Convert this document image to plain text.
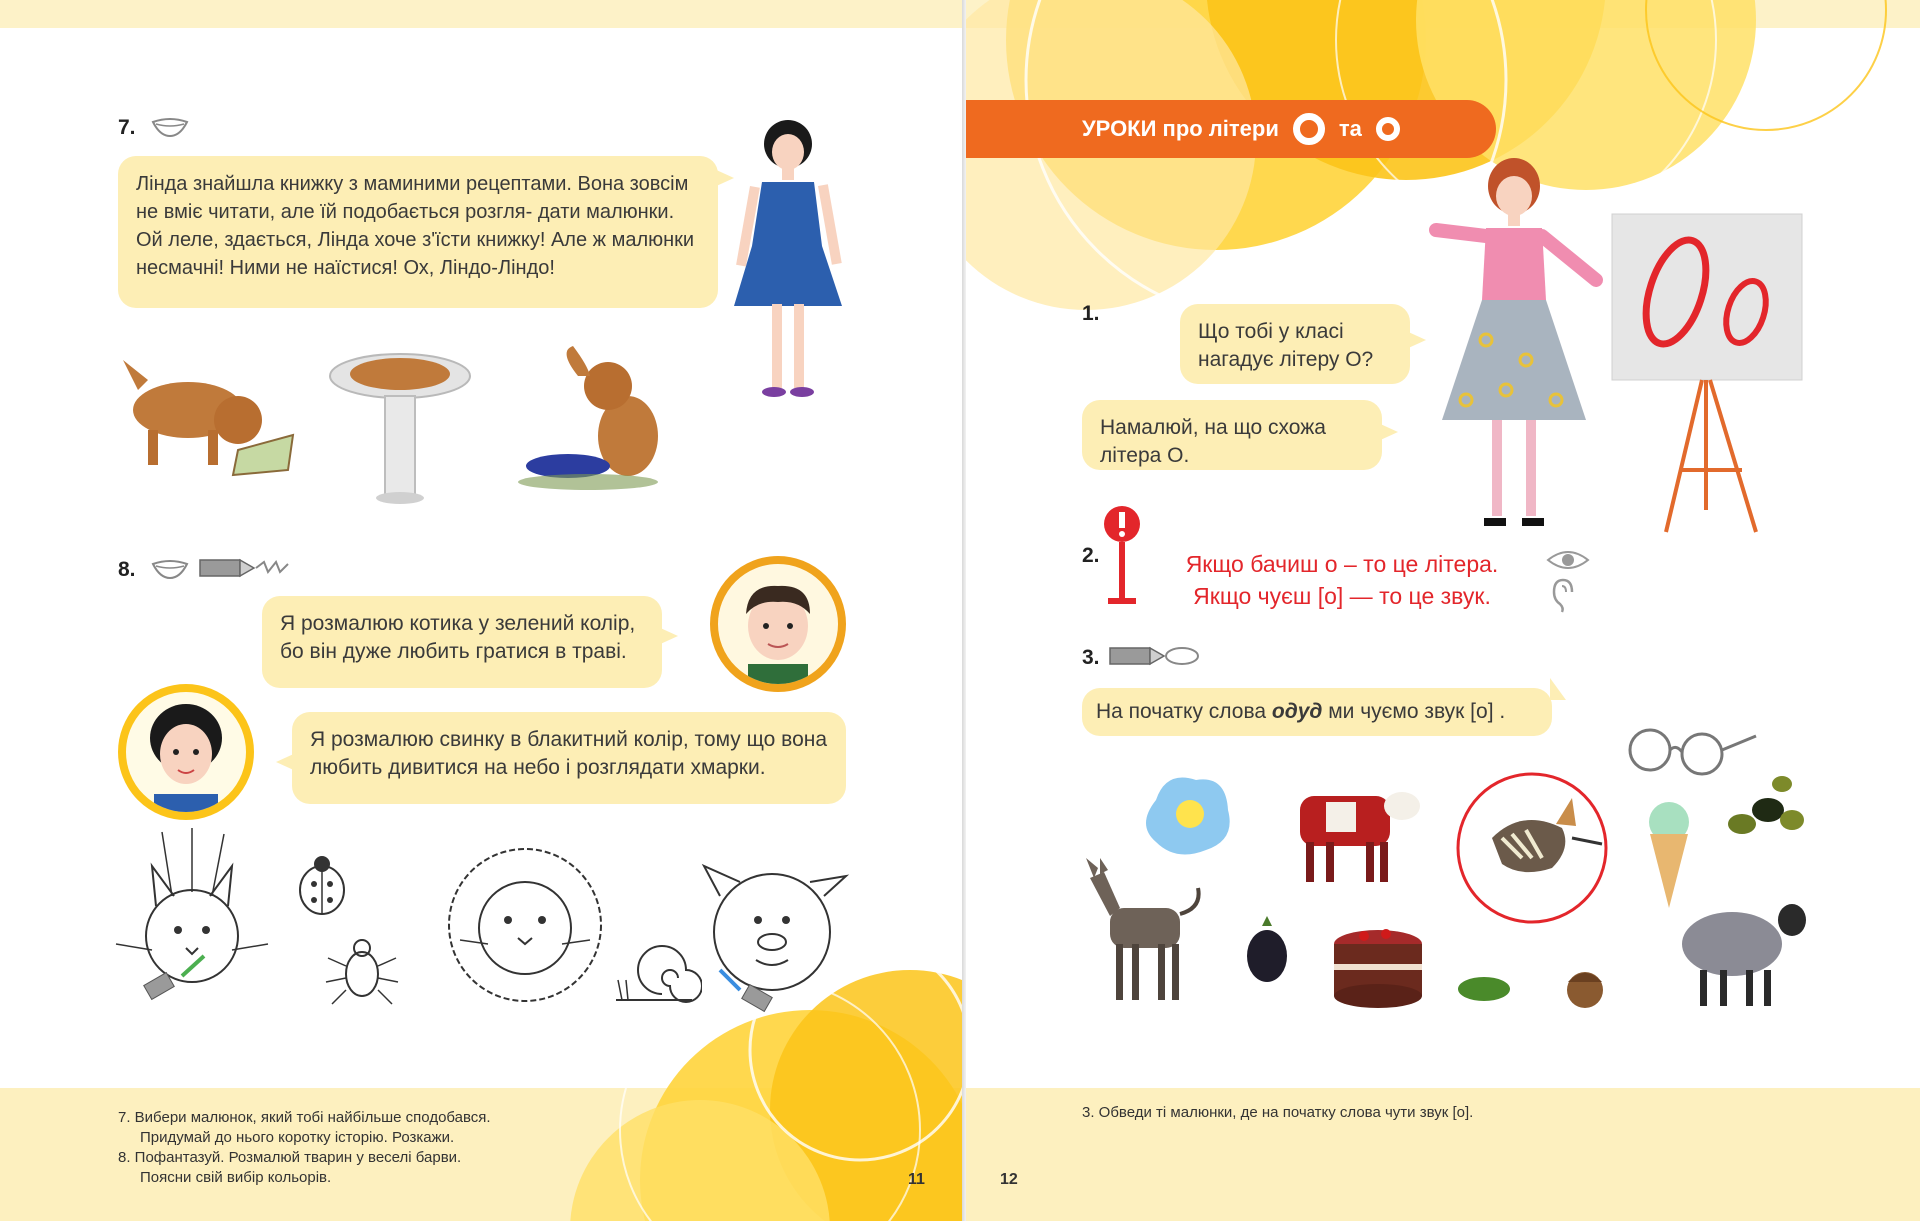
7.
Лінда знайшла книжку з маминими рецептами. Вона зовсім не вміє читати, але їй подобається розгля- дати малюнки. Ой леле, здається, Лінда хоче з'їсти книжку! Але ж малюнки несмачні! Ними не наїстися! Ох, Ліндо-Ліндо!
8.
Я розмалюю котика у зелений колір, бо він дуже любить гратися в траві.
Я розмалюю свинку в блакитний колір, тому що вона любить дивитися на небо і розглядати хмарки.
7. Вибери малюнок, який тобі найбільше сподобався.
Придумай до нього коротку історію. Розкажи.
8. Пофантазуй. Розмалюй тварин у веселі барви.
Поясни свій вибір кольорів.	11
УРОКИ про літери	та
1.
Що тобі у класі нагадує літеру О?
Намалюй, на що схожа літера О.
2.	Якщо бачиш о – то це літера.
Якщо чуєш [о] — то це звук.
3.
На початку слова одуд ми чуємо звук [о] .
3. Обведи ті малюнки, де на початку слова чути звук [о].
12
